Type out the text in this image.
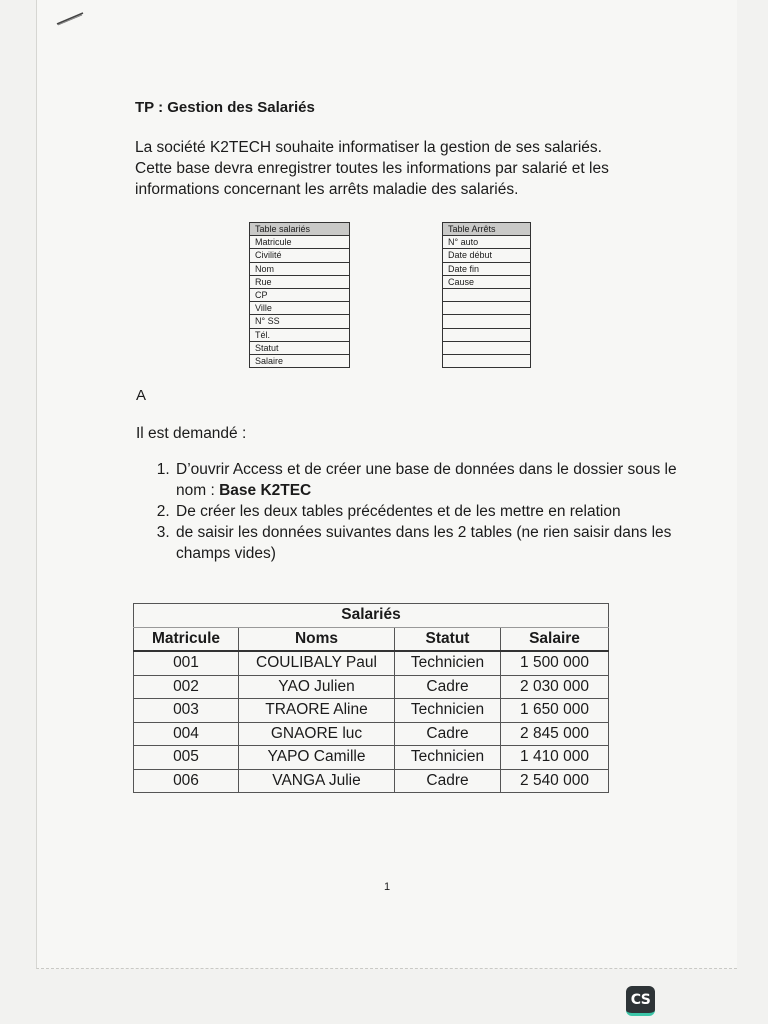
TP : Gestion des Salariés
La société K2TECH souhaite informatiser la gestion de ses salariés.
Cette base devra enregistrer toutes les informations par salarié et les
informations concernant les arrêts maladie des salariés.
Table salariés
Matricule
Civilité
Nom
Rue
CP
Ville
N° SS
Tél.
Statut
Salaire
Table Arrêts
N° auto
Date début
Date fin
Cause

A
Il est demandé :
1. D’ouvrir Access et de créer une base de données dans le dossier sous le nom : Base K2TEC
2. De créer les deux tables précédentes et de les mettre en relation
3. de saisir les données suivantes dans les 2 tables (ne rien saisir dans les champs vides)
Salariés			
Matricule	Noms	Statut	Salaire
001	COULIBALY Paul	Technicien	1 500 000
002	YAO Julien	Cadre	2 030 000
003	TRAORE Aline	Technicien	1 650 000
004	GNAORE luc	Cadre	2 845 000
005	YAPO Camille	Technicien	1 410 000
006	VANGA Julie	Cadre	2 540 000
1
CS
